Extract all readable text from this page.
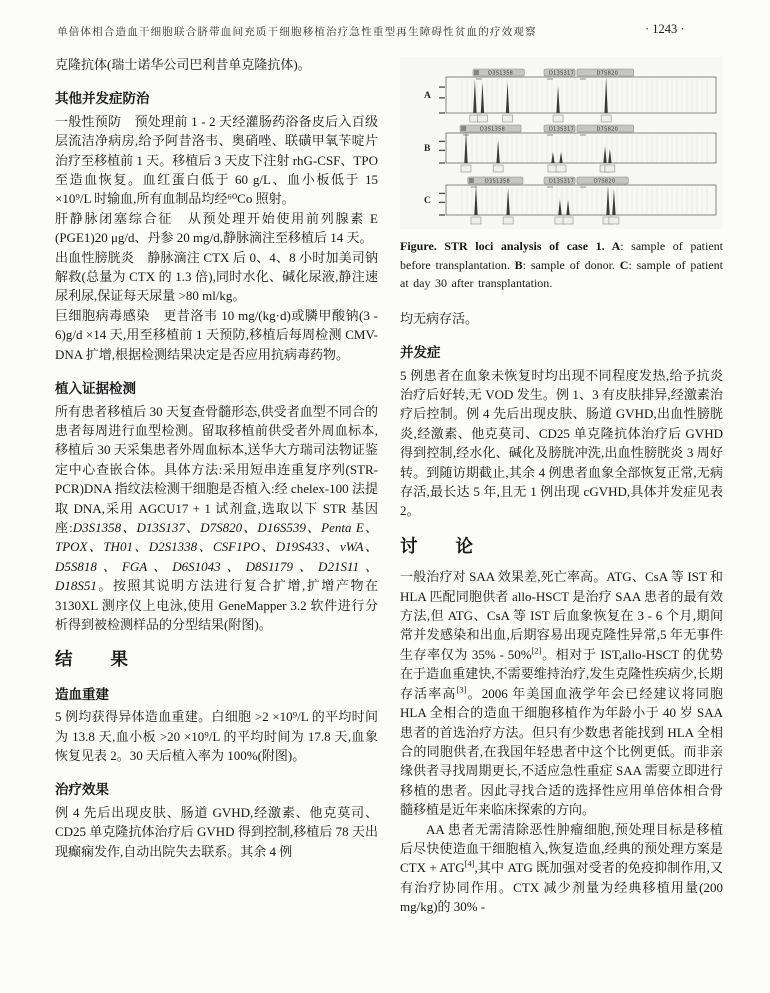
单倍体相合造血干细胞联合脐带血间充质干细胞移植治疗急性重型再生障碍性贫血的疗效观察	· 1243 ·

克隆抗体(瑞士诺华公司巴利昔单克隆抗体)。

其他并发症防治

一般性预防　预处理前 1 - 2 天经灌肠药浴备皮后入百级层流洁净病房,给予阿昔洛韦、奥硝唑、联磺甲氧苄啶片治疗至移植前 1 天。移植后 3 天皮下注射 rhG-CSF、TPO 至造血恢复。血红蛋白低于 60 g/L、血小板低于 15 ×10⁹/L 时输血,所有血制品均经⁶⁰Co 照射。

肝静脉闭塞综合征　从预处理开始使用前列腺素 E (PGE1)20 μg/d、丹参 20 mg/d,静脉滴注至移植后 14 天。

出血性膀胱炎　静脉滴注 CTX 后 0、4、8 小时加美司钠解救(总量为 CTX 的 1.3 倍),同时水化、碱化尿液,静注速尿利尿,保证每天尿量 >80 ml/kg。

巨细胞病毒感染　更昔洛韦 10 mg/(kg·d)或膦甲酸钠(3 - 6)g/d ×14 天,用至移植前 1 天预防,移植后每周检测 CMV-DNA 扩增,根据检测结果决定是否应用抗病毒药物。

植入证据检测

所有患者移植后 30 天复查骨髓形态,供受者血型不同合的患者每周进行血型检测。留取移植前供受者外周血标本,移植后 30 天采集患者外周血标本,送华大方瑞司法物证鉴定中心查嵌合体。具体方法:采用短串连重复序列(STR-PCR)DNA 指纹法检测干细胞是否植入:经 chelex-100 法提取 DNA,采用 AGCU17 + 1 试剂盒,选取以下 STR 基因座:D3S1358、D13S137、D7S820、D16S539、Penta E、TPOX、TH01、D2S1338、CSF1PO、D19S433、vWA、D5S818、FGA、D6S1043、D8S1179、D21S11、D18S51。按照其说明方法进行复合扩增,扩增产物在 3130XL 测序仪上电泳,使用 GeneMapper 3.2 软件进行分析得到被检测样品的分型结果(附图)。

结　　果
造血重建

5 例均获得异体造血重建。白细胞 >2 ×10⁹/L 的平均时间为 13.8 天,血小板 >20 ×10⁹/L 的平均时间为 17.8 天,血象恢复见表 2。30 天后植入率为 100%(附图)。

治疗效果

例 4 先后出现皮肤、肠道 GVHD,经激素、他克莫司、CD25 单克隆抗体治疗后 GVHD 得到控制,移植后 78 天出现癫痫发作,自动出院失去联系。其余 4 例

D3S1358	D13S317	D7S820
A
D3S1358	D13S317	D7S820
B
D3S1358	D13S317	D7S820
C

Figure. STR loci analysis of case 1. A: sample of patient before transplantation. B: sample of donor. C: sample of patient at day 30 after transplantation.

均无病存活。

并发症

5 例患者在血象未恢复时均出现不同程度发热,给予抗炎治疗后好转,无 VOD 发生。例 1、3 有皮肤排异,经激素治疗后控制。例 4 先后出现皮肤、肠道 GVHD,出血性膀胱炎,经激素、他克莫司、CD25 单克隆抗体治疗后 GVHD 得到控制,经水化、碱化及膀胱冲洗,出血性膀胱炎 3 周好转。到随访期截止,其余 4 例患者血象全部恢复正常,无病存活,最长达 5 年,且无 1 例出现 cGVHD,具体并发症见表 2。

讨　　论

一般治疗对 SAA 效果差,死亡率高。ATG、CsA 等 IST 和 HLA 匹配同胞供者 allo-HSCT 是治疗 SAA 患者的最有效方法,但 ATG、CsA 等 IST 后血象恢复在 3 - 6 个月,期间常并发感染和出血,后期容易出现克隆性异常,5 年无事件生存率仅为 35% - 50%[2]。相对于 IST,allo-HSCT 的优势在于造血重建快,不需要维持治疗,发生克隆性疾病少,长期存活率高[3]。2006 年美国血液学年会已经建议将同胞 HLA 全相合的造血干细胞移植作为年龄小于 40 岁 SAA 患者的首选治疗方法。但只有少数患者能找到 HLA 全相合的同胞供者,在我国年轻患者中这个比例更低。而非亲缘供者寻找周期更长,不适应急性重症 SAA 需要立即进行移植的患者。因此寻找合适的选择性应用单倍体相合骨髓移植是近年来临床探索的方向。

AA 患者无需清除恶性肿瘤细胞,预处理目标是移植后尽快使造血干细胞植入,恢复造血,经典的预处理方案是 CTX + ATG[4],其中 ATG 既加强对受者的免疫抑制作用,又有治疗协同作用。CTX 减少剂量为经典移植用量(200 mg/kg)的 30% -
